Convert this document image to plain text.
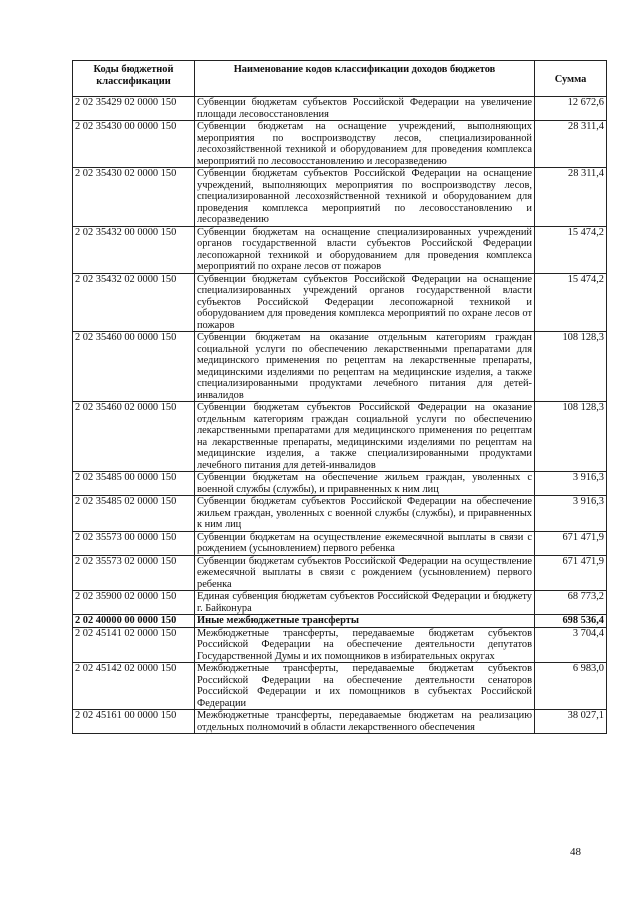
Коды бюджетной классификации	Наименование кодов классификации доходов бюджетов	Сумма
2 02 35429 02 0000 150	Субвенции бюджетам субъектов Российской Федерации на увеличение площади лесовосстановления	12 672,6
2 02 35430 00 0000 150	Субвенции бюджетам на оснащение учреждений, выполняющих мероприятия по воспроизводству лесов, специализированной лесохозяйственной техникой и оборудованием для проведения комплекса мероприятий по лесовосстановлению и лесоразведению	28 311,4
2 02 35430 02 0000 150	Субвенции бюджетам субъектов Российской Федерации на оснащение учреждений, выполняющих мероприятия по воспроизводству лесов, специализированной лесохозяйственной техникой и оборудованием для проведения комплекса мероприятий по лесовосстановлению и лесоразведению	28 311,4
2 02 35432 00 0000 150	Субвенции бюджетам на оснащение специализированных учреждений органов государственной власти субъектов Российской Федерации лесопожарной техникой и оборудованием для проведения комплекса мероприятий по охране лесов от пожаров	15 474,2
2 02 35432 02 0000 150	Субвенции бюджетам субъектов Российской Федерации на оснащение специализированных учреждений органов государственной власти субъектов Российской Федерации лесопожарной техникой и оборудованием для проведения комплекса мероприятий по охране лесов от пожаров	15 474,2
2 02 35460 00 0000 150	Субвенции бюджетам на оказание отдельным категориям граждан социальной услуги по обеспечению лекарственными препаратами для медицинского применения по рецептам на лекарственные препараты, медицинскими изделиями по рецептам на медицинские изделия, а также специализированными продуктами лечебного питания для детей-инвалидов	108 128,3
2 02 35460 02 0000 150	Субвенции бюджетам субъектов Российской Федерации на оказание отдельным категориям граждан социальной услуги по обеспечению лекарственными препаратами для медицинского применения по рецептам на лекарственные препараты, медицинскими изделиями по рецептам на медицинские изделия, а также специализированными продуктами лечебного питания для детей-инвалидов	108 128,3
2 02 35485 00 0000 150	Субвенции бюджетам на обеспечение жильем граждан, уволенных с военной службы (службы), и приравненных к ним лиц	3 916,3
2 02 35485 02 0000 150	Субвенции бюджетам субъектов Российской Федерации на обеспечение жильем граждан, уволенных с военной службы (службы), и приравненных к ним лиц	3 916,3
2 02 35573 00 0000 150	Субвенции бюджетам на осуществление ежемесячной выплаты в связи с рождением (усыновлением) первого ребенка	671 471,9
2 02 35573 02 0000 150	Субвенции бюджетам субъектов Российской Федерации на осуществление ежемесячной выплаты в связи с рождением (усыновлением) первого ребенка	671 471,9
2 02 35900 02 0000 150	Единая субвенция бюджетам субъектов Российской Федерации и бюджету г. Байконура	68 773,2
2 02 40000 00 0000 150	Иные межбюджетные трансферты	698 536,4
2 02 45141 02 0000 150	Межбюджетные трансферты, передаваемые бюджетам субъектов Российской Федерации на обеспечение деятельности депутатов Государственной Думы и их помощников в избирательных округах	3 704,4
2 02 45142 02 0000 150	Межбюджетные трансферты, передаваемые бюджетам субъектов Российской Федерации на обеспечение деятельности сенаторов Российской Федерации и их помощников в субъектах Российской Федерации	6 983,0
2 02 45161 00 0000 150	Межбюджетные трансферты, передаваемые бюджетам на реализацию отдельных полномочий в области лекарственного обеспечения	38 027,1
48
